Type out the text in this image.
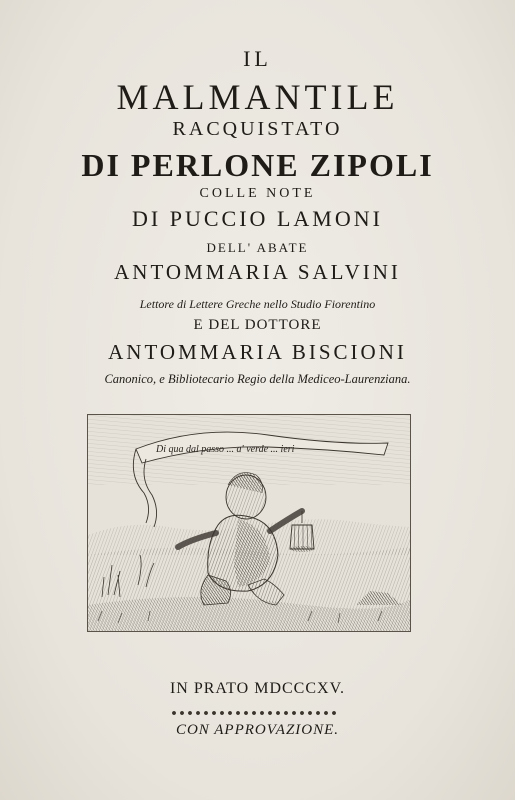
IL
MALMANTILE
RACQUISTATO
DI PERLONE ZIPOLI
COLLE NOTE
DI PUCCIO LAMONI
DELL' ABATE
ANTOMMARIA SALVINI
Lettore di Lettere Greche nello Studio Fiorentino
E DEL DOTTORE
ANTOMMARIA BISCIONI
Canonico, e Bibliotecario Regio della Mediceo-Laurenziana.
Di qua dal passo ... a' verde ... ieri
IN PRATO MDCCCXV.
CON APPROVAZIONE.
